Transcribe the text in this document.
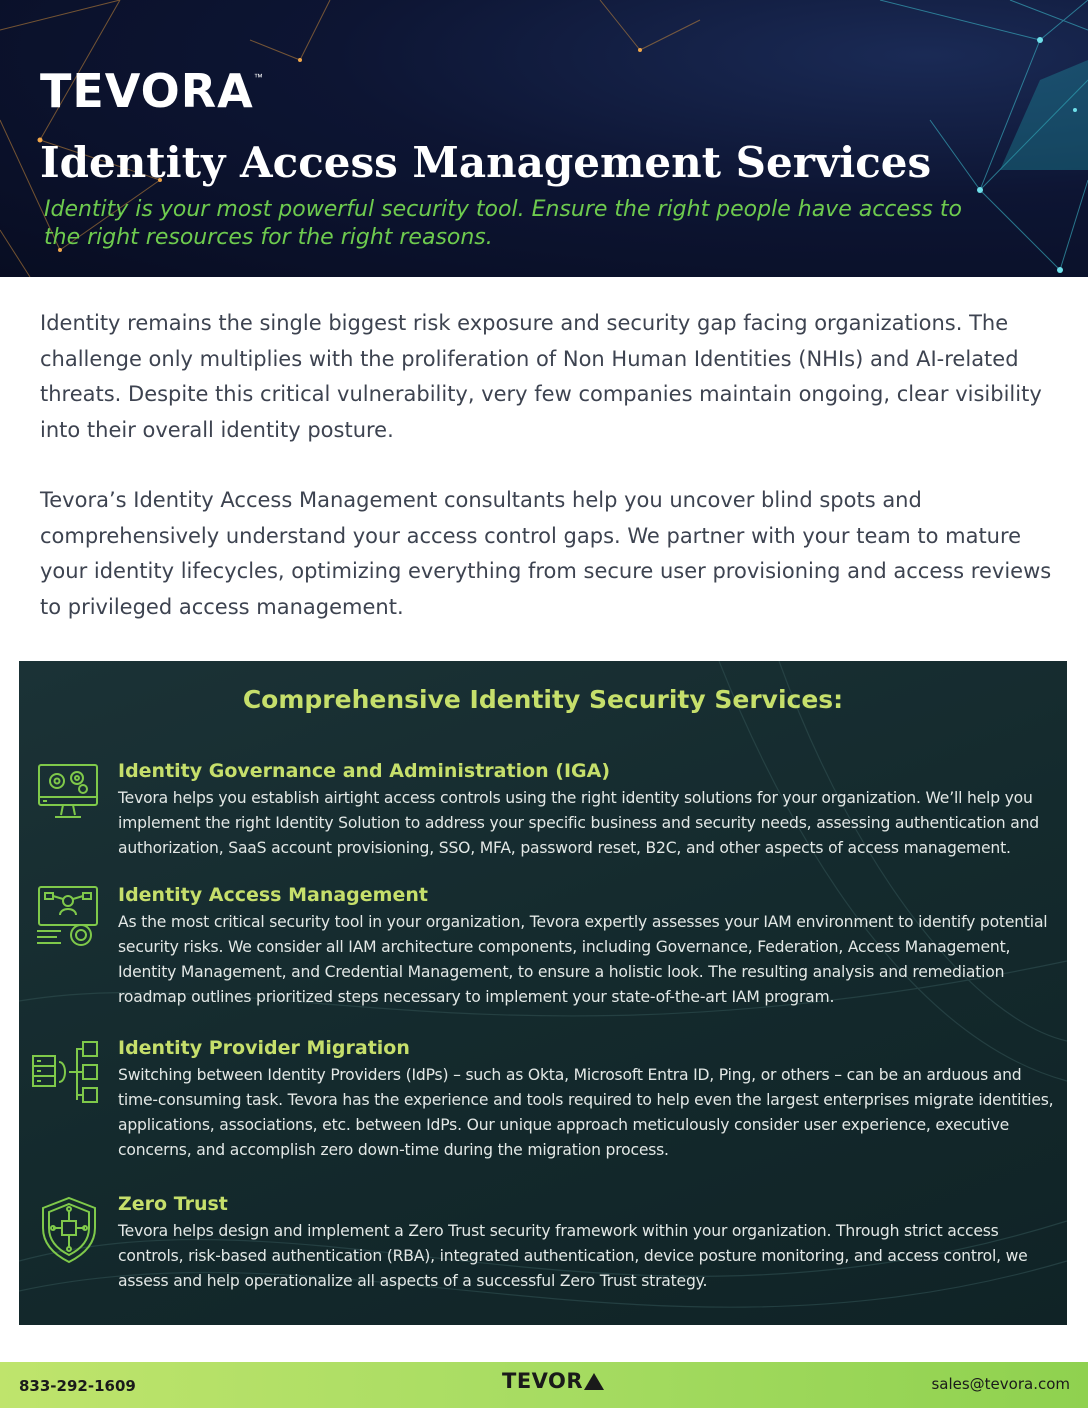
TEVORA ™
Identity Access Management Services

Identity is your most powerful security tool. Ensure the right people have access to the right resources for the right reasons.

Identity remains the single biggest risk exposure and security gap facing organizations. The challenge only multiplies with the proliferation of Non Human Identities (NHIs) and AI-related threats. Despite this critical vulnerability, very few companies maintain ongoing, clear visibility into their overall identity posture.

Tevora’s Identity Access Management consultants help you uncover blind spots and comprehensively understand your access control gaps. We partner with your team to mature your identity lifecycles, optimizing everything from secure user provisioning and access reviews to privileged access management.

Comprehensive Identity Security Services:
Identity Governance and Administration (IGA)

Tevora helps you establish airtight access controls using the right identity solutions for your organization. We’ll help you implement the right Identity Solution to address your specific business and security needs, assessing authentication and authorization, SaaS account provisioning, SSO, MFA, password reset, B2C, and other aspects of access management.

Identity Access Management

As the most critical security tool in your organization, Tevora expertly assesses your IAM environment to identify potential security risks. We consider all IAM architecture components, including Governance, Federation, Access Management, Identity Management, and Credential Management, to ensure a holistic look. The resulting analysis and remediation roadmap outlines prioritized steps necessary to implement your state-of-the-art IAM program.

Identity Provider Migration

Switching between Identity Providers (IdPs) – such as Okta, Microsoft Entra ID, Ping, or others – can be an arduous and time-consuming task. Tevora has the experience and tools required to help even the largest enterprises migrate identities, applications, associations, etc. between IdPs. Our unique approach meticulously consider user experience, executive concerns, and accomplish zero down-time during the migration process.

Zero Trust

Tevora helps design and implement a Zero Trust security framework within your organization. Through strict access controls, risk-based authentication (RBA), integrated authentication, device posture monitoring, and access control, we assess and help operationalize all aspects of a successful Zero Trust strategy.

833-292-1609	TEVOR	sales@tevora.com
